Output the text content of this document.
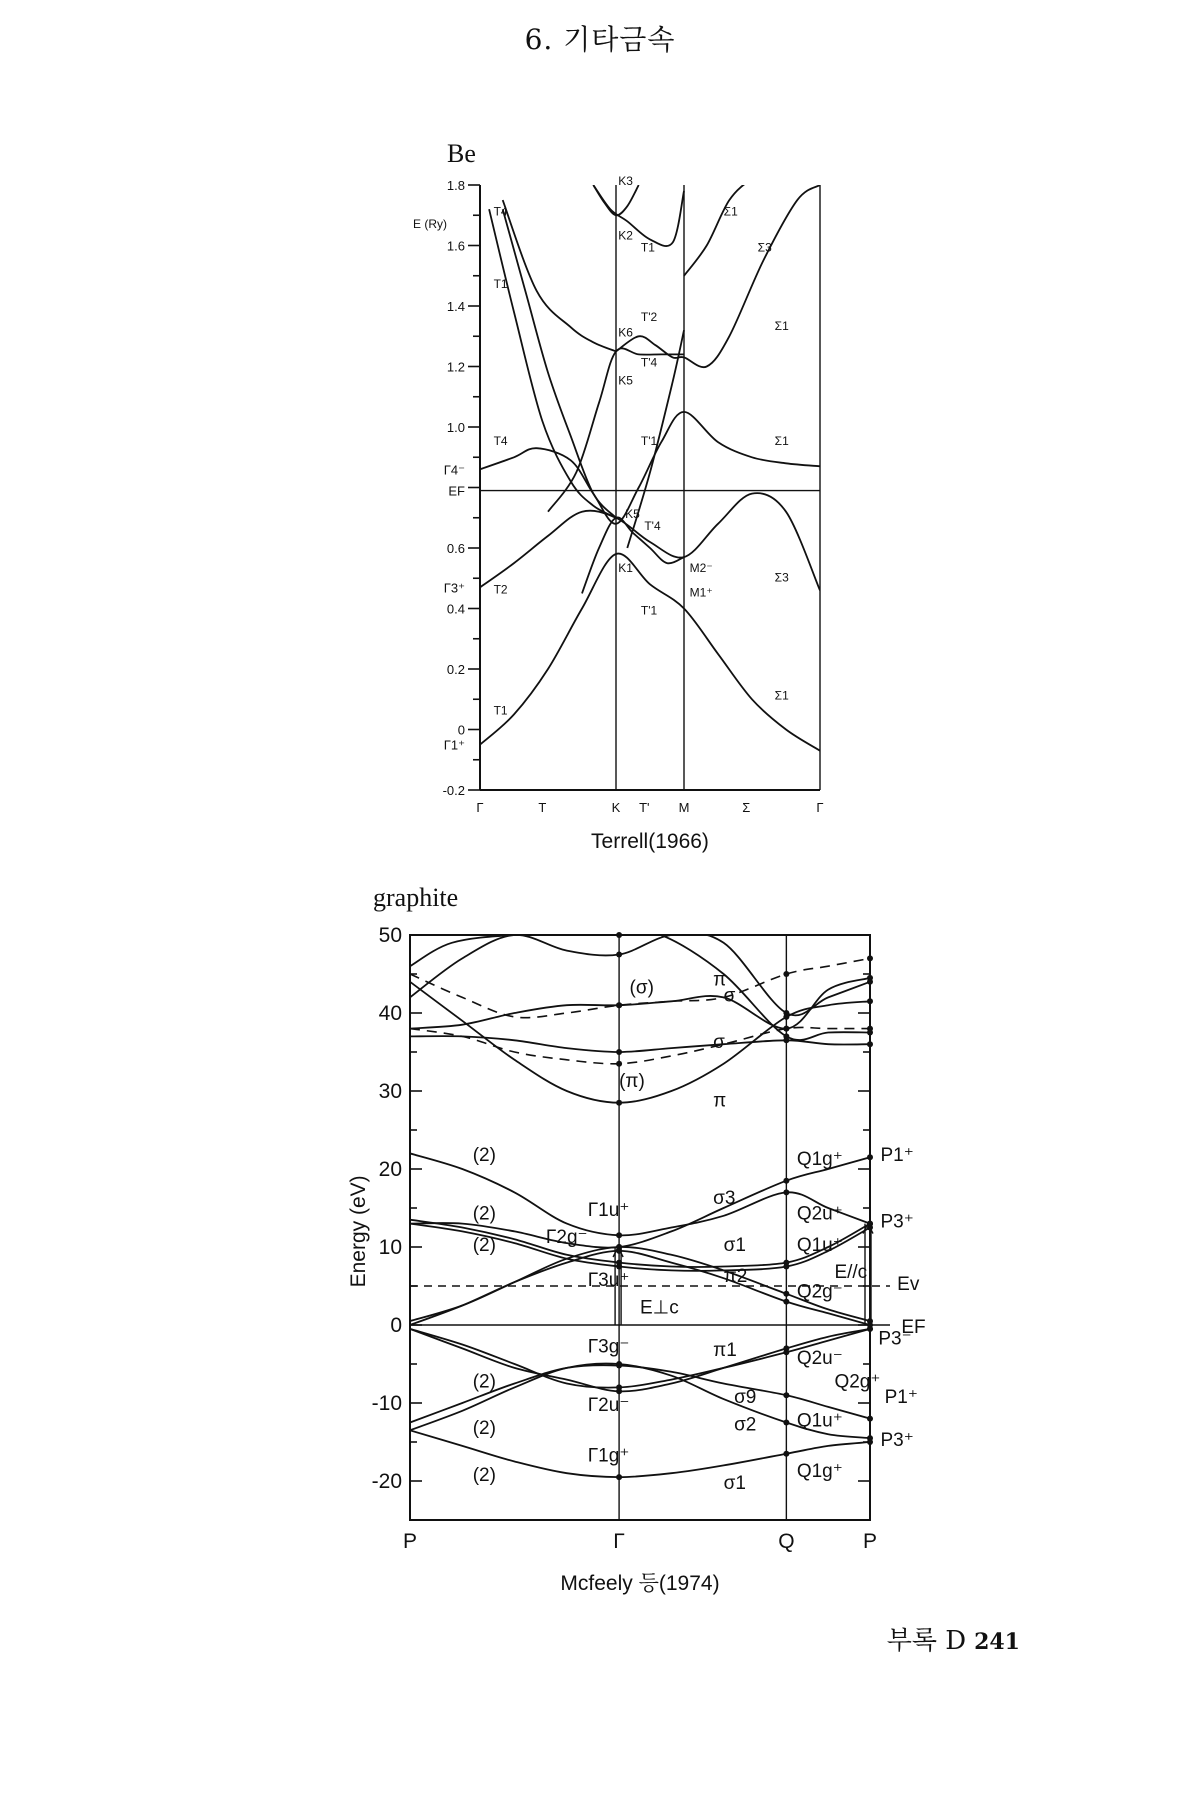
6. 기타금속
Be
E (Ry)
1.8
1.6
1.4
1.2
1.0
0.6
0.4
0.2
0
-0.2
Γ4⁻
EF
Γ3⁺
Γ1⁺
Γ	T	K T' M	Σ	Γ
T4
K3
K2
T1
Σ1
Σ3
T1
T'2
K6	Σ1
T'4
K5
T4	T'1	Σ1
K5
T'4
T2
K1	M2⁻
M1⁺
Σ3
T'1
Σ1
T1
Terrell(1966)
graphite
Energy (eV)
50
40
30
20
10
0
-10
-20
P	Γ	Q	P
(σ)	π
σ
σ
(π)
π
(2)	Q1g⁺ P1⁺
Γ1u⁺
σ3
Q2u⁺
(2)	P3⁺
Γ2g⁻
(2)	σ1	Q1u⁺
π2	E//c
Γ3u⁺
Q2g⁻	Ev
E⊥c
EF
P3⁻
Γ3g⁻	π1	Q2u⁻
(2)	Q2g⁺
P1⁺
Γ2u⁻	σ9
σ2 Q1u⁺
(2)
P3⁺
Γ1g⁺
(2)	σ1
Q1g⁺
Mcfeely 등(1974)
부록 D 241
